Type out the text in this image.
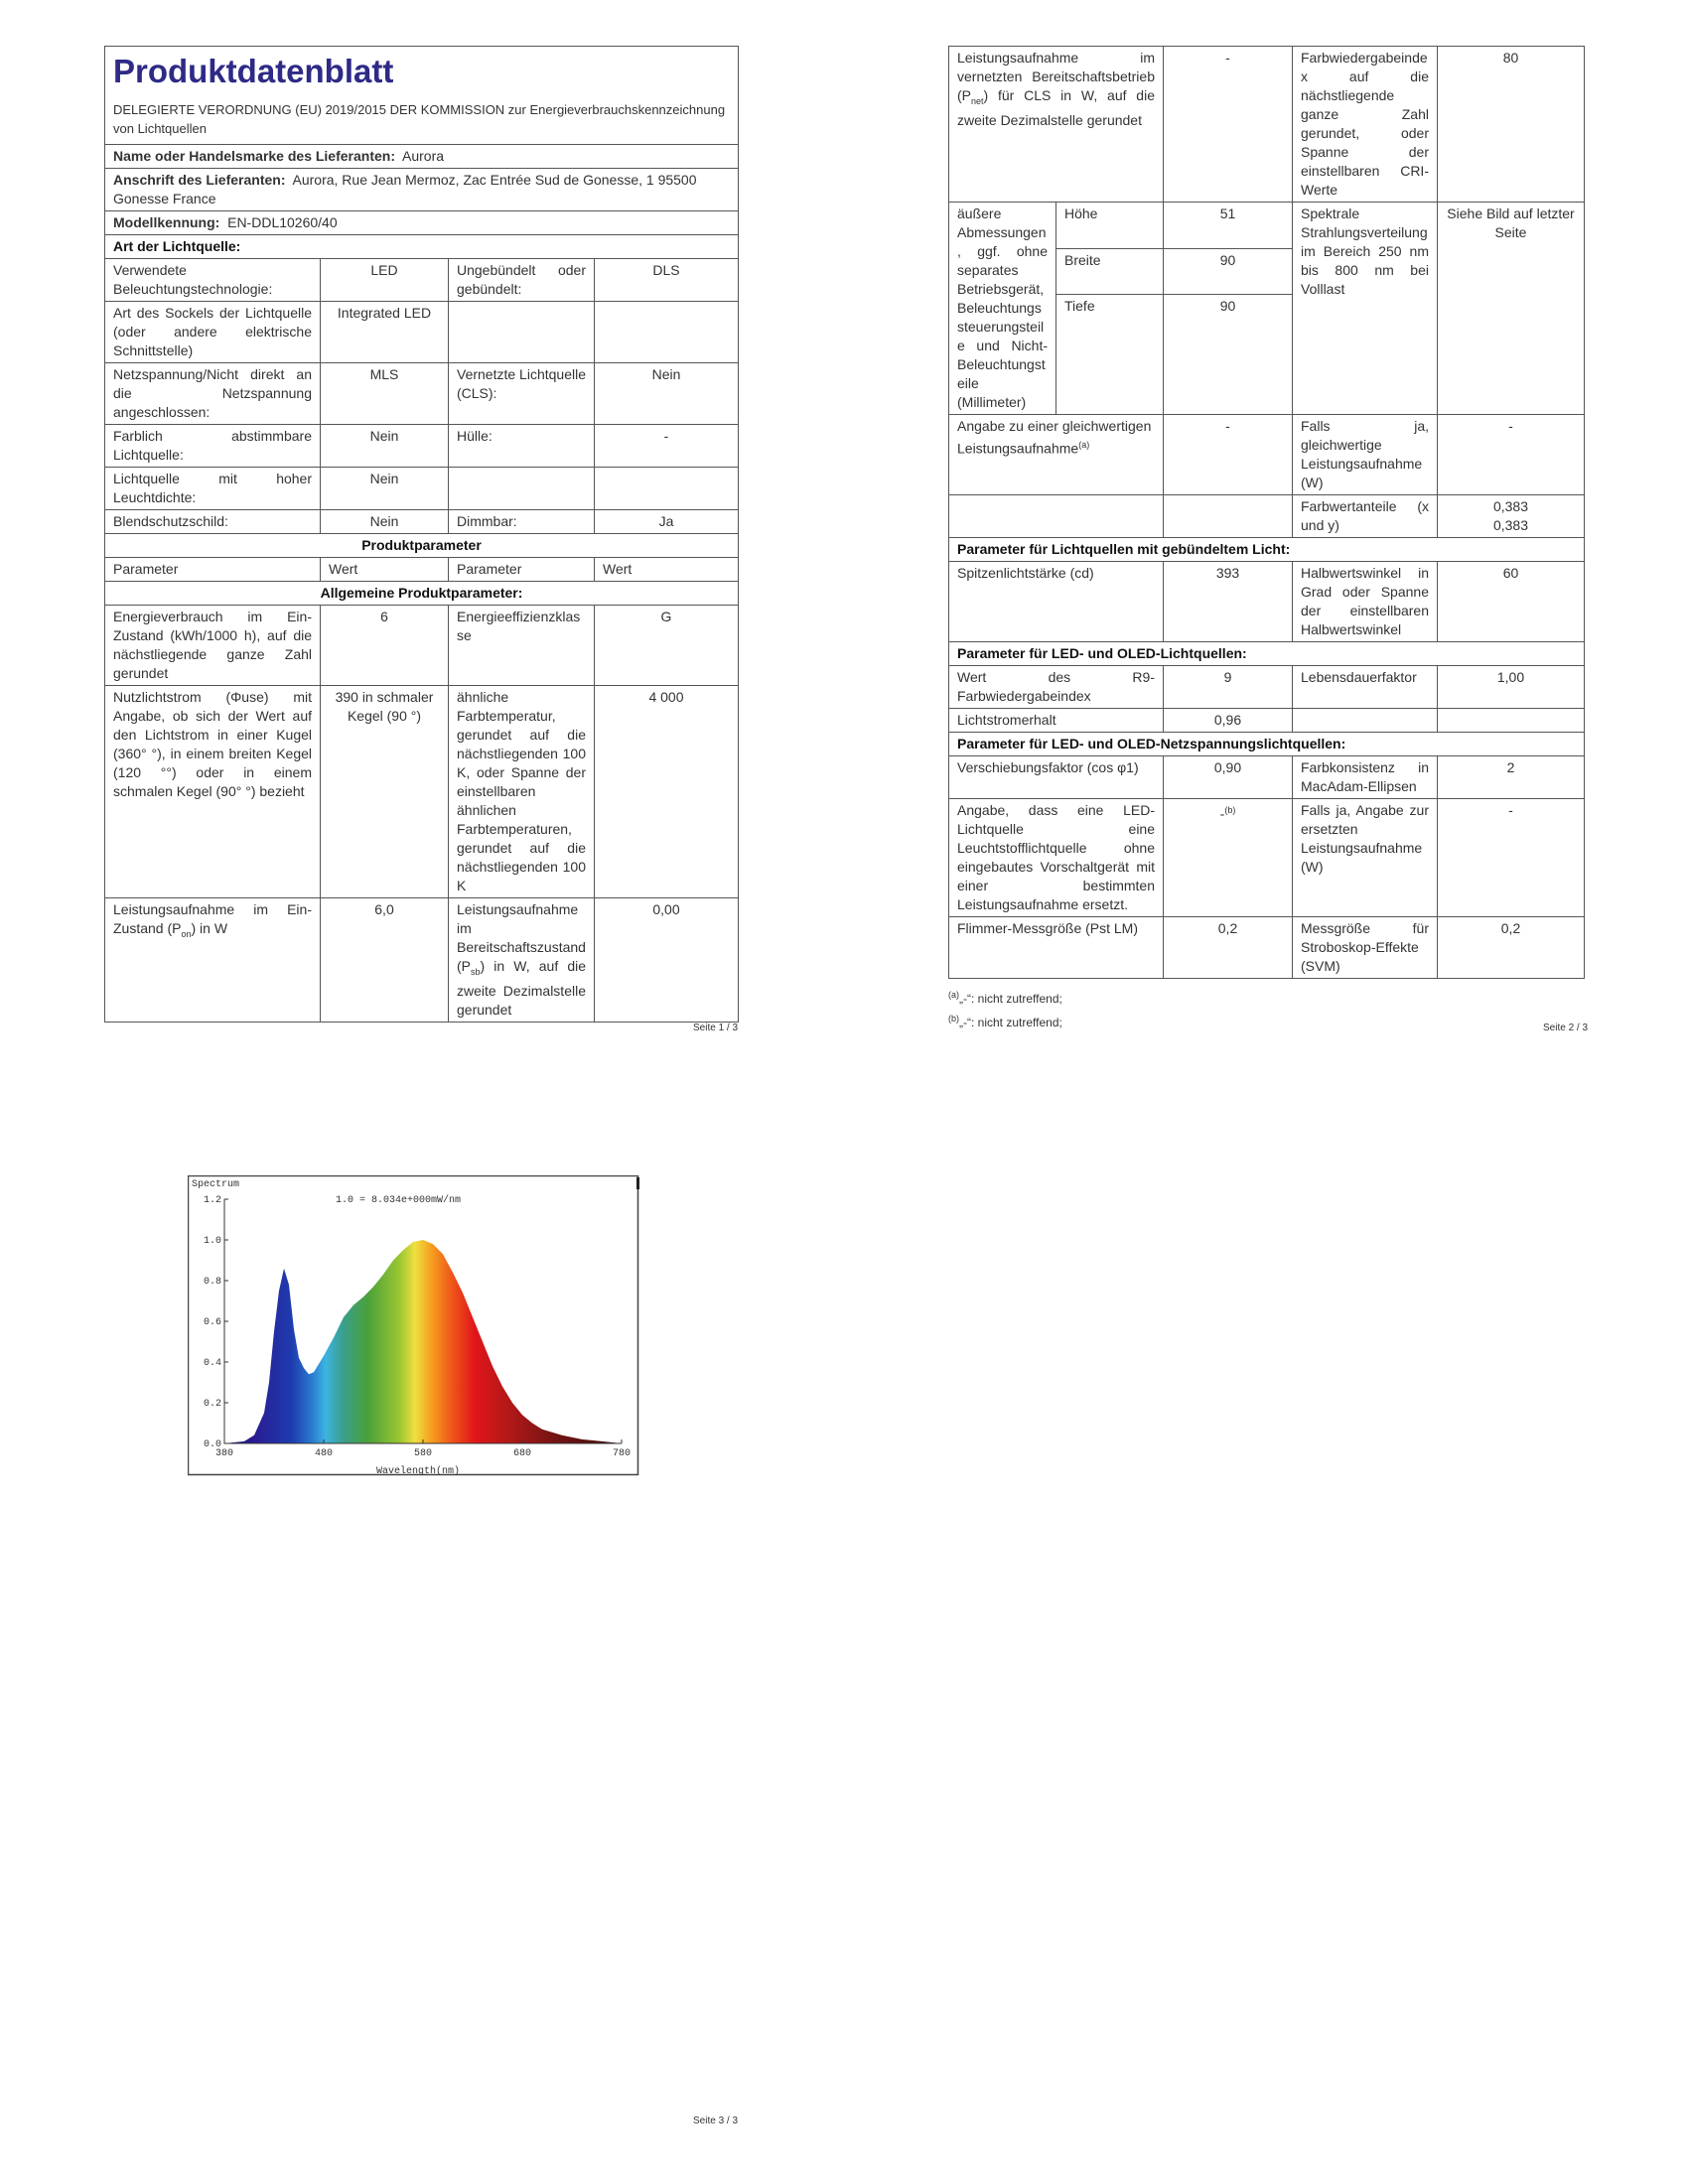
Produktdatenblatt
DELEGIERTE VERORDNUNG (EU) 2019/2015 DER KOMMISSION zur Energieverbrauchskennzeichnung von Lichtquellen			

Name oder Handelsmarke des Lieferanten: Aurora			
Anschrift des Lieferanten: Aurora, Rue Jean Mermoz, Zac Entrée Sud de Gonesse, 1 95500 Gonesse France			
Modellkennung: EN-DDL10260/40			
Art der Lichtquelle:			
Verwendete Beleuchtungstechnologie:	LED	Ungebündelt oder gebündelt:	DLS
Art des Sockels der Lichtquelle (oder andere elektrische Schnittstelle)	Integrated LED		
Netzspannung/Nicht direkt an die Netzspannung angeschlossen:	MLS	Vernetzte Lichtquelle (CLS):	Nein
Farblich abstimmbare Lichtquelle:	Nein	Hülle:	-
Lichtquelle mit hoher Leuchtdichte:	Nein		
Blendschutzschild:	Nein	Dimmbar:	Ja
Produktparameter			
Parameter	Wert	Parameter	Wert
Allgemeine Produktparameter:			
Energieverbrauch im Ein-Zustand (kWh/1000 h), auf die nächstliegende ganze Zahl gerundet	6	Energieeffizienzklasse	G
Nutzlichtstrom (Φuse) mit Angabe, ob sich der Wert auf den Lichtstrom in einer Kugel (360° °), in einem breiten Kegel (120 °°) oder in einem schmalen Kegel (90° °) bezieht	390 in schmaler Kegel (90 °)	ähnliche Farbtemperatur, gerundet auf die nächstliegenden 100 K, oder Spanne der einstellbaren ähnlichen Farbtemperaturen, gerundet auf die nächstliegenden 100 K	4 000
Leistungsaufnahme im Ein-Zustand $(P_{on})$ in W	6,0	Leistungsaufnahme im Bereitschaftszustand $(P_{sb})$ in W, auf die zweite Dezimalstelle gerundet	0,00
Seite 1 / 3
Leistungsaufnahme im vernetzten Bereitschaftsbetrieb $(P_{net})$ für CLS in W, auf die zweite Dezimalstelle gerundet		-	Farbwiedergabeindex auf die nächstliegende ganze Zahl gerundet, oder Spanne der einstellbaren CRI-Werte	80
äußere Abmessungen, ggf. ohne separates Betriebsgerät, Beleuchtungssteuerungsteile und Nicht-Beleuchtungsteile (Millimeter)	Höhe	51	Spektrale Strahlungsverteilung im Bereich 250 nm bis 800 nm bei Volllast	Siehe Bild auf letzter Seite
	Breite	90		
	Tiefe	90		
Angabe zu einer gleichwertigen Leistungsaufnahme$^{(a)}$		-	Falls ja, gleichwertige Leistungsaufnahme (W)	-
			Farbwertanteile (x und y)	0,383
0,383

Parameter für Lichtquellen mit gebündeltem Licht:				
Spitzenlichtstärke (cd)		393	Halbwertswinkel in Grad oder Spanne der einstellbaren Halbwertswinkel	60
Parameter für LED- und OLED-Lichtquellen:				
Wert des R9-Farbwiedergabeindex		9	Lebensdauerfaktor	1,00
Lichtstromerhalt		0,96		
Parameter für LED- und OLED-Netzspannungslichtquellen:				
Verschiebungsfaktor (cos φ1)		0,90	Farbkonsistenz in MacAdam-Ellipsen	2
Angabe, dass eine LED-Lichtquelle eine Leuchtstofflichtquelle ohne eingebautes Vorschaltgerät mit einer bestimmten Leistungsaufnahme ersetzt.		-$^{(b)}$	Falls ja, Angabe zur ersetzten Leistungsaufnahme (W)	-
Flimmer-Messgröße (Pst LM)		0,2	Messgröße für Stroboskop-Effekte (SVM)	0,2
$^{(a)}$„-“: nicht zutreffend;
$^{(b)}$„-“: nicht zutreffend;	Seite 2 / 3
0.0
0.2
0.4
0.6
0.8
1.0
1.2
380	480	580	680	780
Spectrum
1.0 = 8.034e+000mW/nm
Wavelength(nm)
Seite 3 / 3
